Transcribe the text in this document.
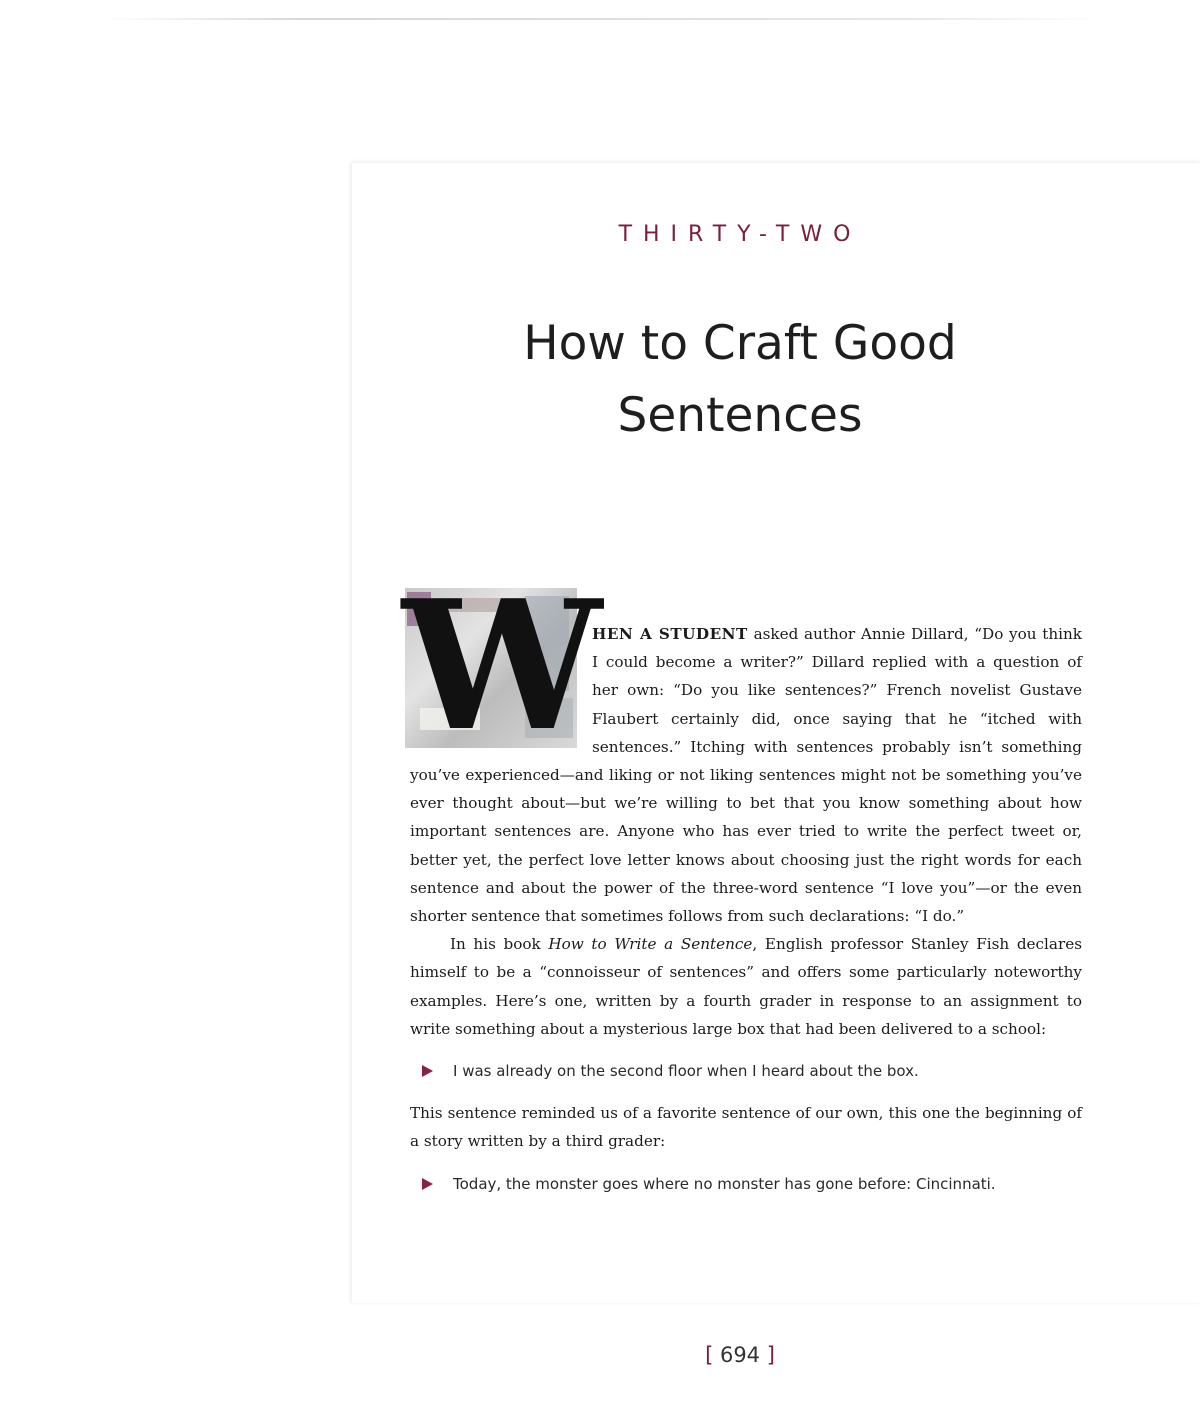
THIRTY-TWO
How to Craft Good
Sentences
W

HEN A STUDENT asked author Annie Dillard, “Do you think I could become a writer?” Dillard replied with a question of her own: “Do you like sentences?” French novelist Gustave Flaubert certainly did, once saying that he “itched with sentences.” Itching with sentences probably isn’t something you’ve experienced—and liking or not liking sentences might not be something you’ve ever thought about—but we’re willing to bet that you know something about how important sentences are. Anyone who has ever tried to write the perfect tweet or, better yet, the perfect love letter knows about choosing just the right words for each sentence and about the power of the three-word sentence “I love you”—or the even shorter sentence that sometimes follows from such declarations: “I do.”

In his book How to Write a Sentence, English professor Stanley Fish declares himself to be a “connoisseur of sentences” and offers some particularly noteworthy examples. Here’s one, written by a fourth grader in response to an assignment to write something about a mysterious large box that had been delivered to a school:

I was already on the second floor when I heard about the box.

This sentence reminded us of a favorite sentence of our own, this one the beginning of a story written by a third grader:

Today, the monster goes where no monster has gone before: Cincinnati.
[ 694 ]
